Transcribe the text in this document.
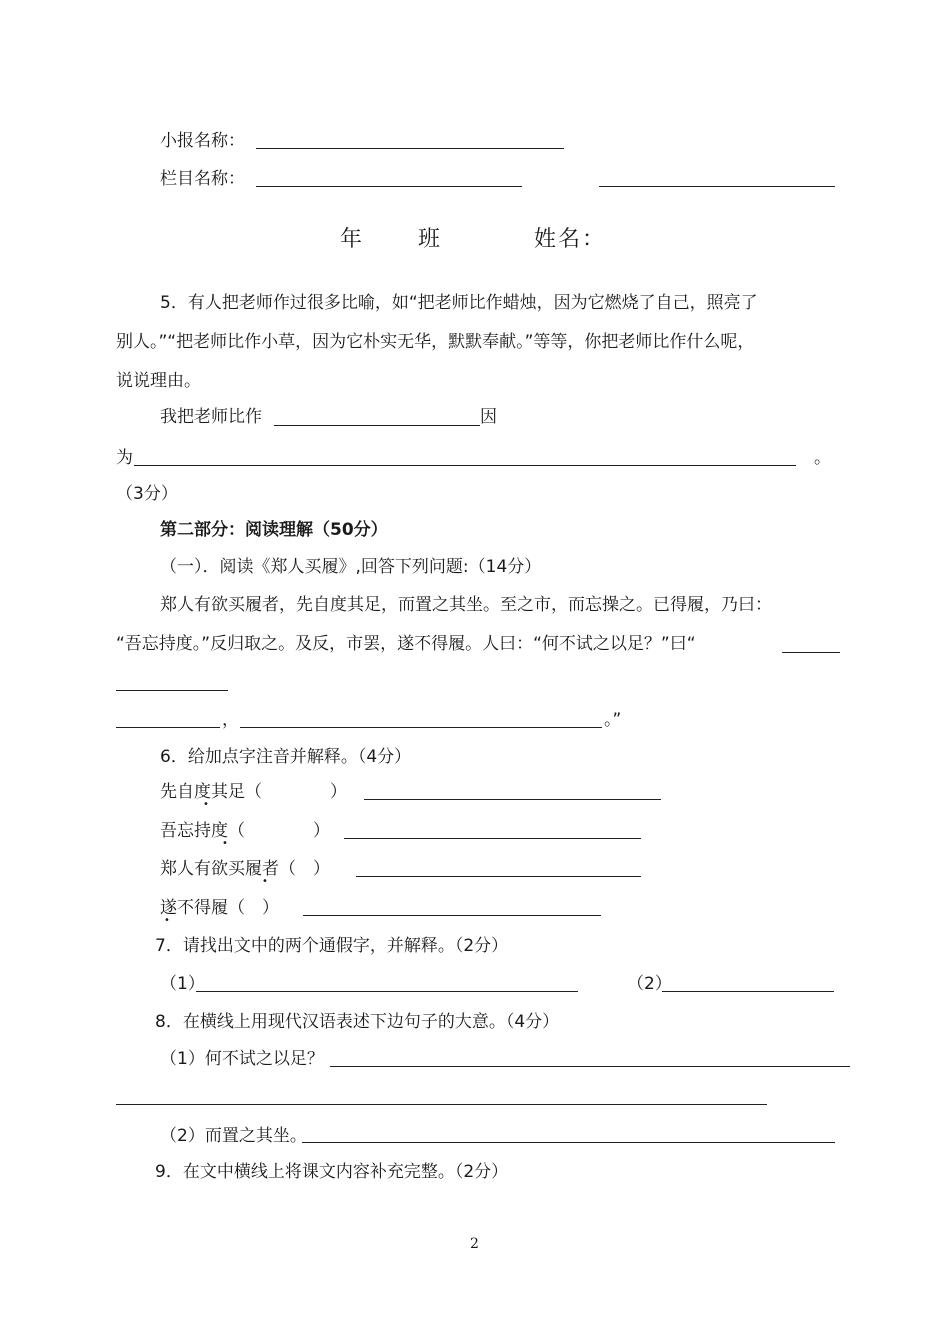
小报名称：
栏目名称：
年 班	姓名：
5．有人把老师作过很多比喻，如“把老师比作蜡烛，因为它燃烧了自己，照亮了
别人。”“把老师比作小草，因为它朴实无华，默默奉献。”等等，你把老师比作什么呢，
说说理由。
我把老师比作	因
为	。
（3分）
第二部分：阅读理解（50分）
（一）．阅读《郑人买履》,回答下列问题:（14分）
郑人有欲买履者，先自度其足，而置之其坐。至之市，而忘操之。已得履，乃曰：
“吾忘持度。”反归取之。及反，市罢，遂不得履。人曰：“何不试之以足？”曰“
，	。”
6．给加点字注音并解释。（4分）
先自度其足（　　　　）
•
吾忘持度（　　　　）
•
郑人有欲买履者（　）
•
遂不得履（　）
•
7．请找出文中的两个通假字，并解释。（2分）
（1）	（2）
8．在横线上用现代汉语表述下边句子的大意。（4分）
（1）何不试之以足？
（2）而置之其坐。
9．在文中横线上将课文内容补充完整。（2分）
2
